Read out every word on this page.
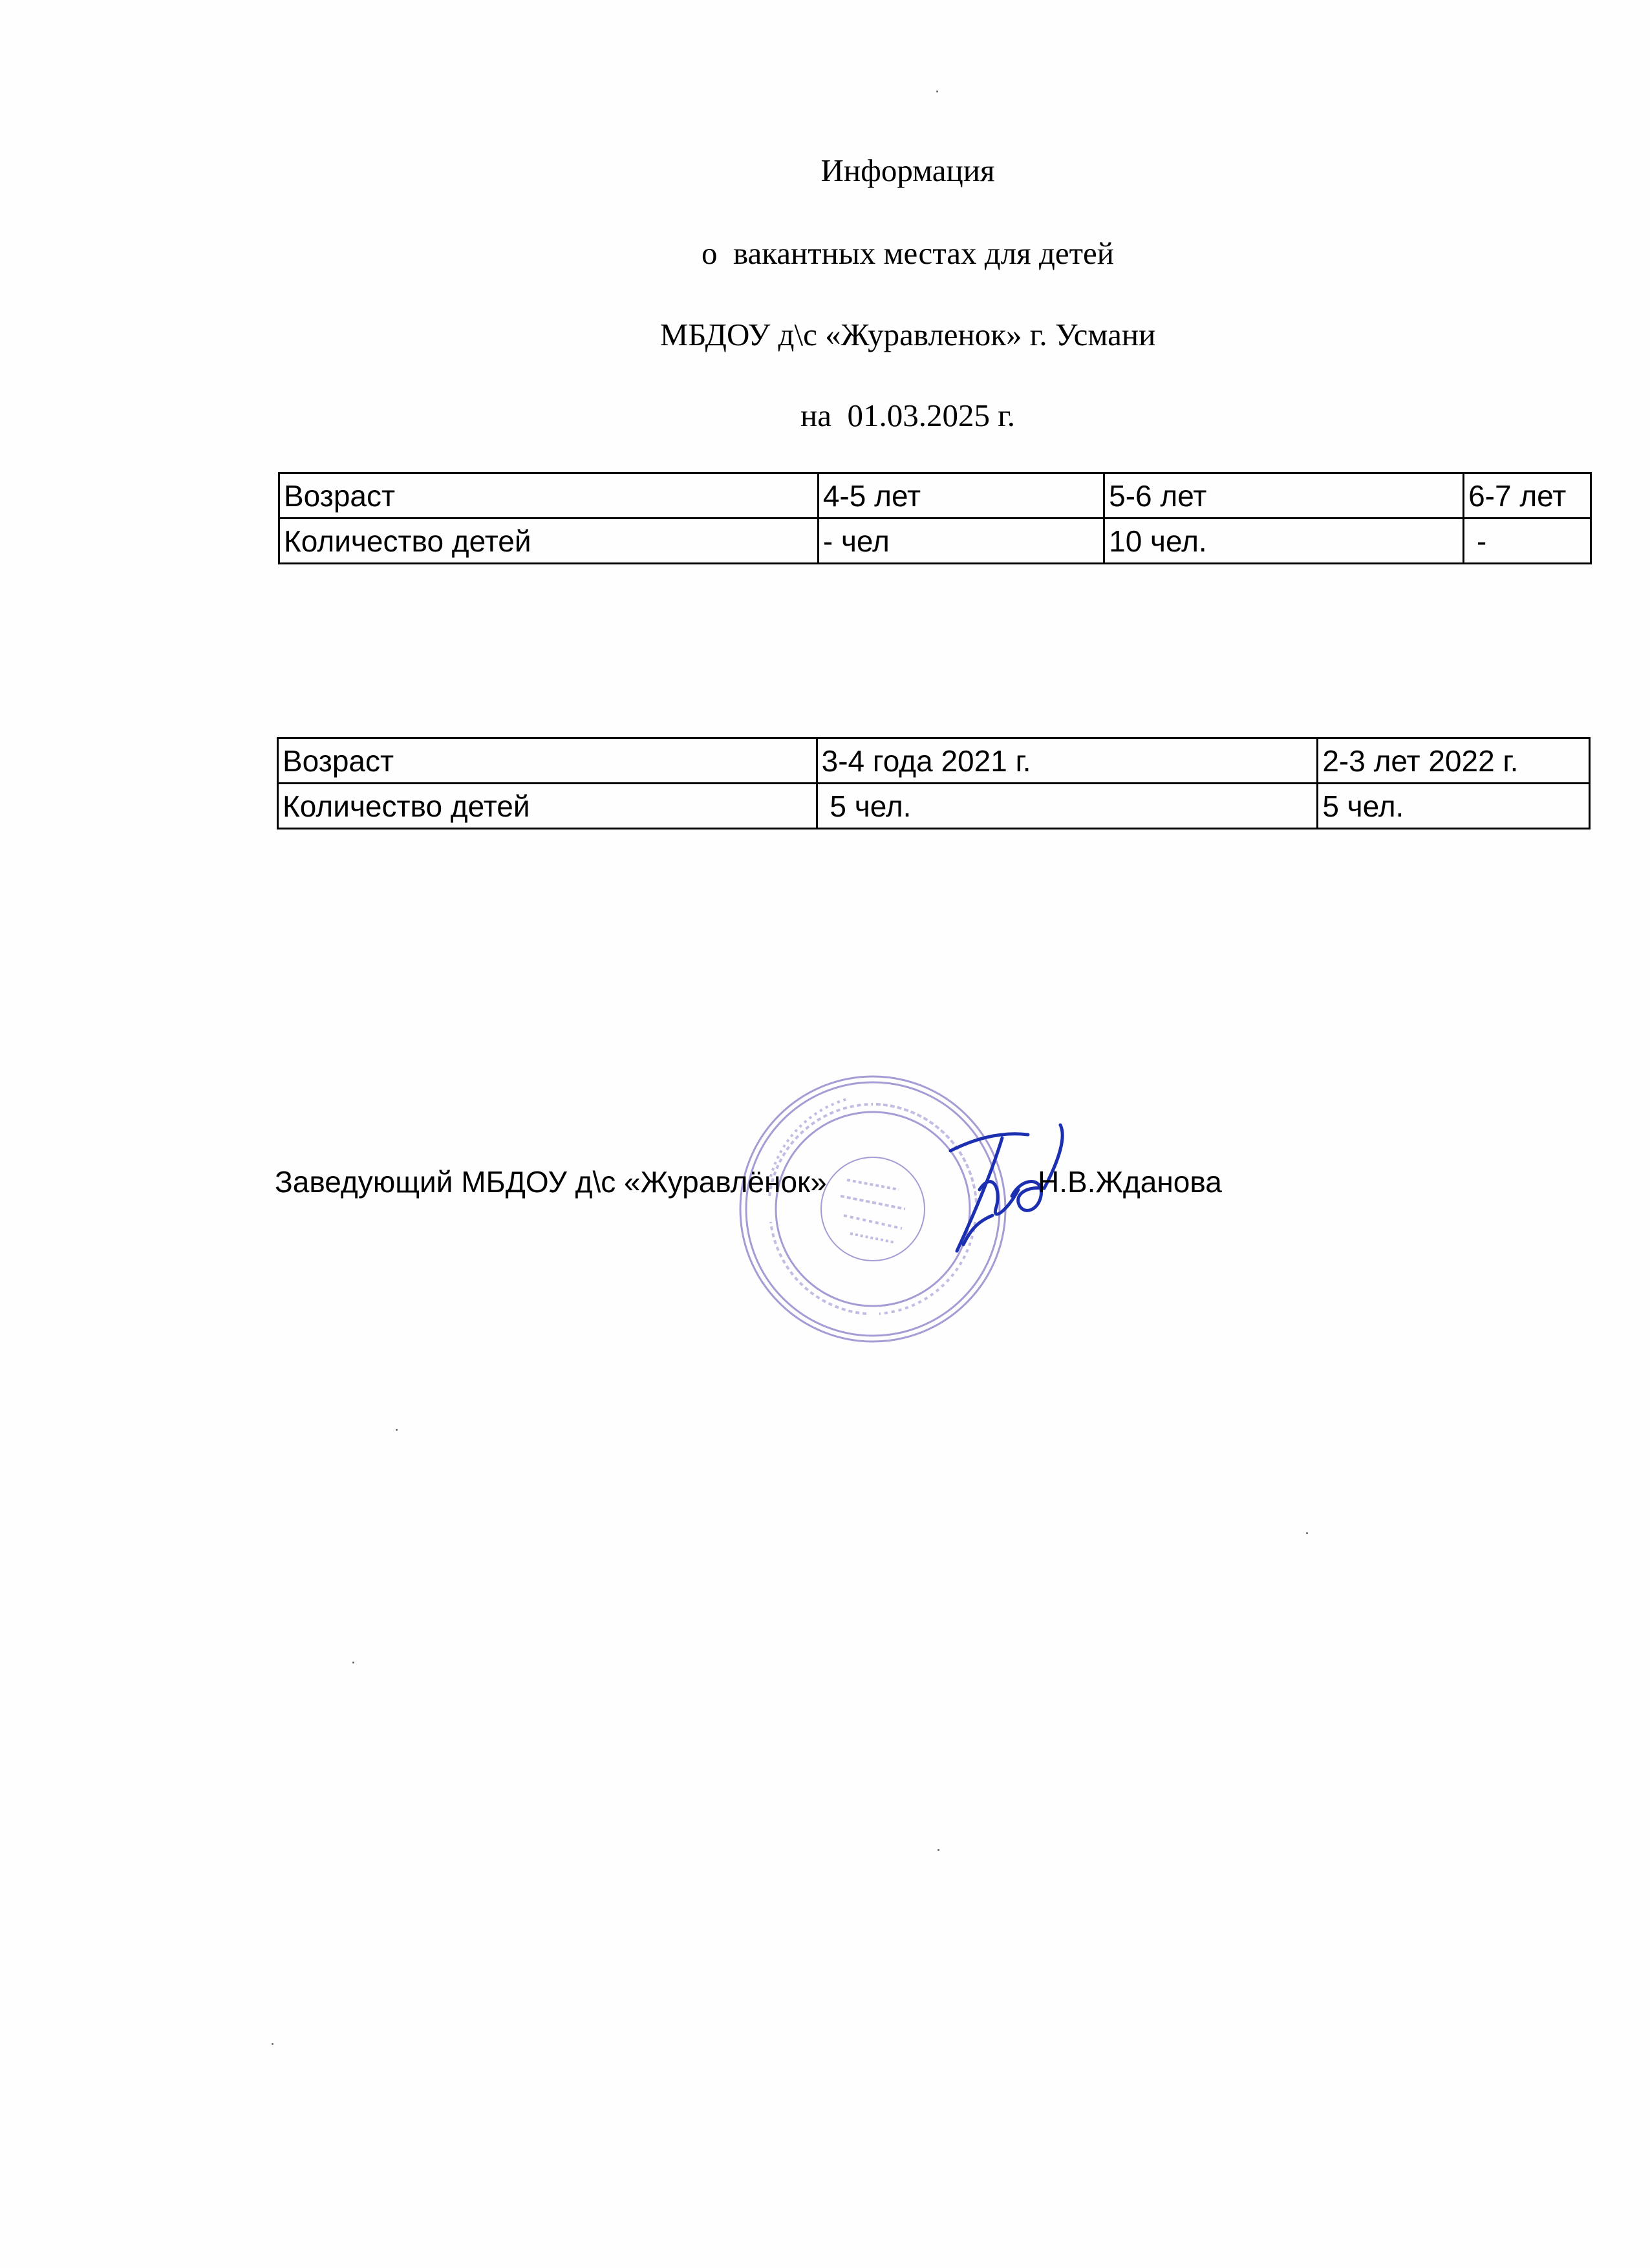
Информация
о  вакантных местах для детей
МБДОУ д\с «Журавленок» г. Усмани
на  01.03.2025 г.
Возраст	4-5 лет	5-6 лет	6-7 лет
Количество детей	- чел	10 чел.	-
Возраст	3-4 года 2021 г.	2-3 лет 2022 г.
Количество детей	5 чел.	5 чел.
Заведующий МБДОУ д\с «Журавлёнок»	Н.В.Жданова
